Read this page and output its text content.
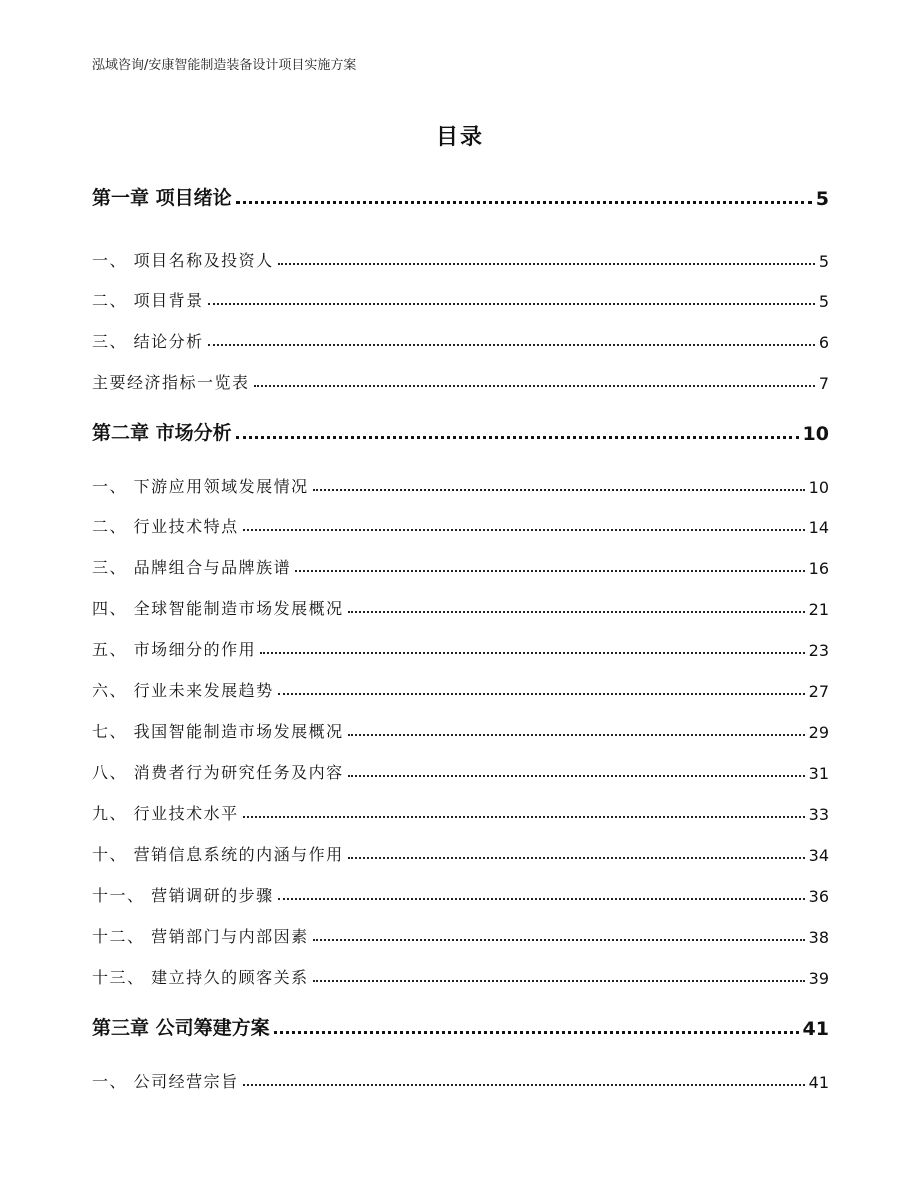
泓域咨询/安康智能制造装备设计项目实施方案
目录
第一章 项目绪论	5
一、 项目名称及投资人	5
二、 项目背景	5
三、 结论分析	6
主要经济指标一览表	7
第二章 市场分析	10
一、 下游应用领域发展情况	10
二、 行业技术特点	14
三、 品牌组合与品牌族谱	16
四、 全球智能制造市场发展概况	21
五、 市场细分的作用	23
六、 行业未来发展趋势	27
七、 我国智能制造市场发展概况	29
八、 消费者行为研究任务及内容	31
九、 行业技术水平	33
十、 营销信息系统的内涵与作用	34
十一、 营销调研的步骤	36
十二、 营销部门与内部因素	38
十三、 建立持久的顾客关系	39
第三章 公司筹建方案	41
一、 公司经营宗旨	41
